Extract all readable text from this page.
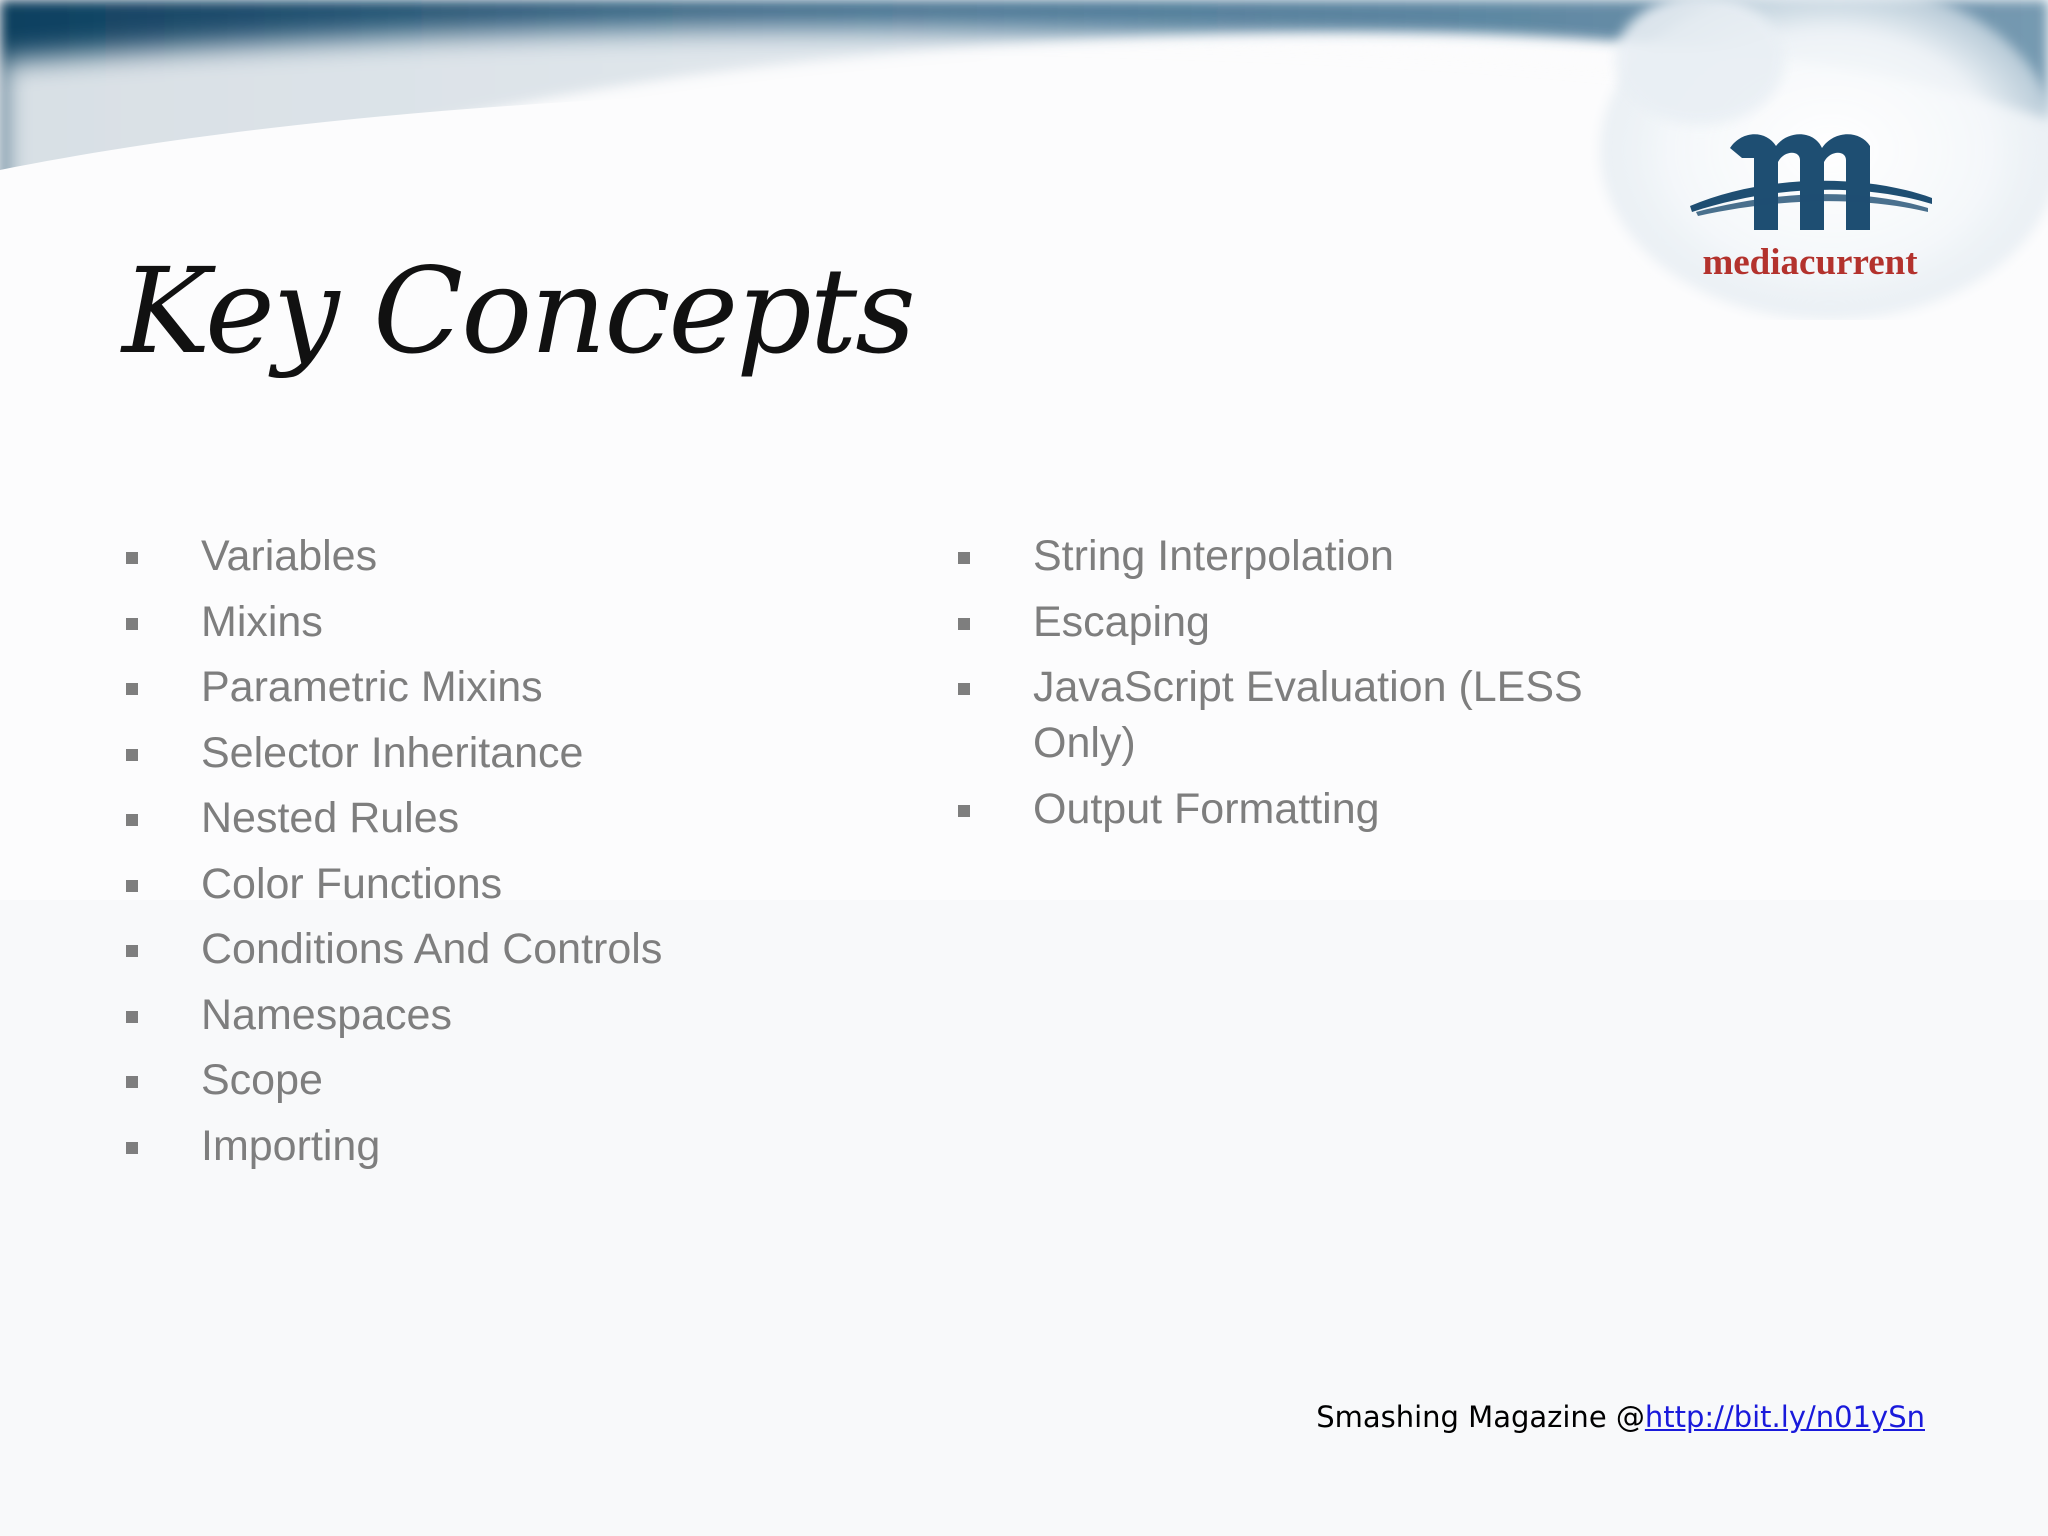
Key Concepts	mediacurrent
Variables
Mixins
Parametric Mixins
Selector Inheritance
Nested Rules
Color Functions
Conditions And Controls
Namespaces
Scope
Importing
String Interpolation
Escaping
JavaScript Evaluation (LESS Only)
Output Formatting
Smashing Magazine @http://bit.ly/n01ySn
